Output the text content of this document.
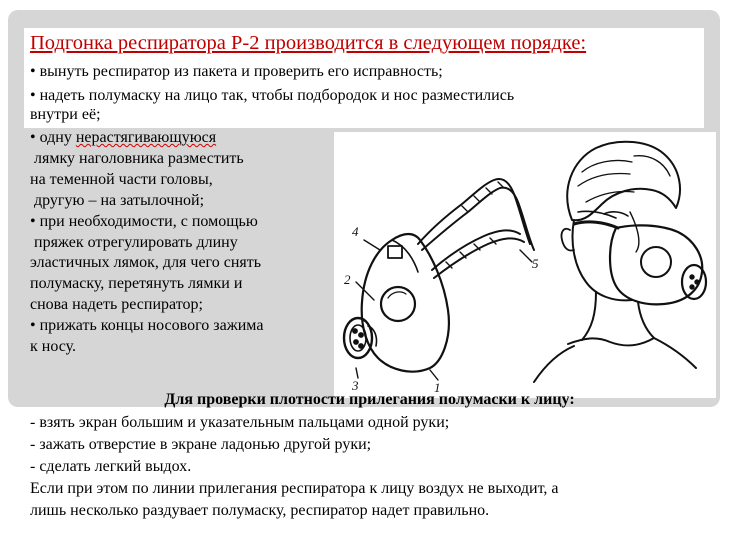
Подгонка респиратора Р-2 производится в следующем порядке:
• вынуть респиратор из пакета и проверить его исправность;
• надеть полумаску на лицо так, чтобы подбородок и нос разместились
внутри её;
• одну нерастягивающуюся
лямку наголовника разместить
на теменной части головы,
другую – на затылочной;
• при необходимости, с помощью
пряжек отрегулировать длину
эластичных лямок, для чего снять
полумаску, перетянуть лямки и
снова надеть респиратор;
• прижать концы носового зажима
к носу.
4
2
5
1
3
Для проверки плотности прилегания полумаски к лицу:
- взять экран большим и указательным пальцами одной руки;
- зажать отверстие в экране ладонью другой руки;
- сделать легкий выдох.
Если при этом по линии прилегания респиратора к лицу воздух не выходит, а
лишь несколько раздувает полумаску, респиратор надет правильно.
